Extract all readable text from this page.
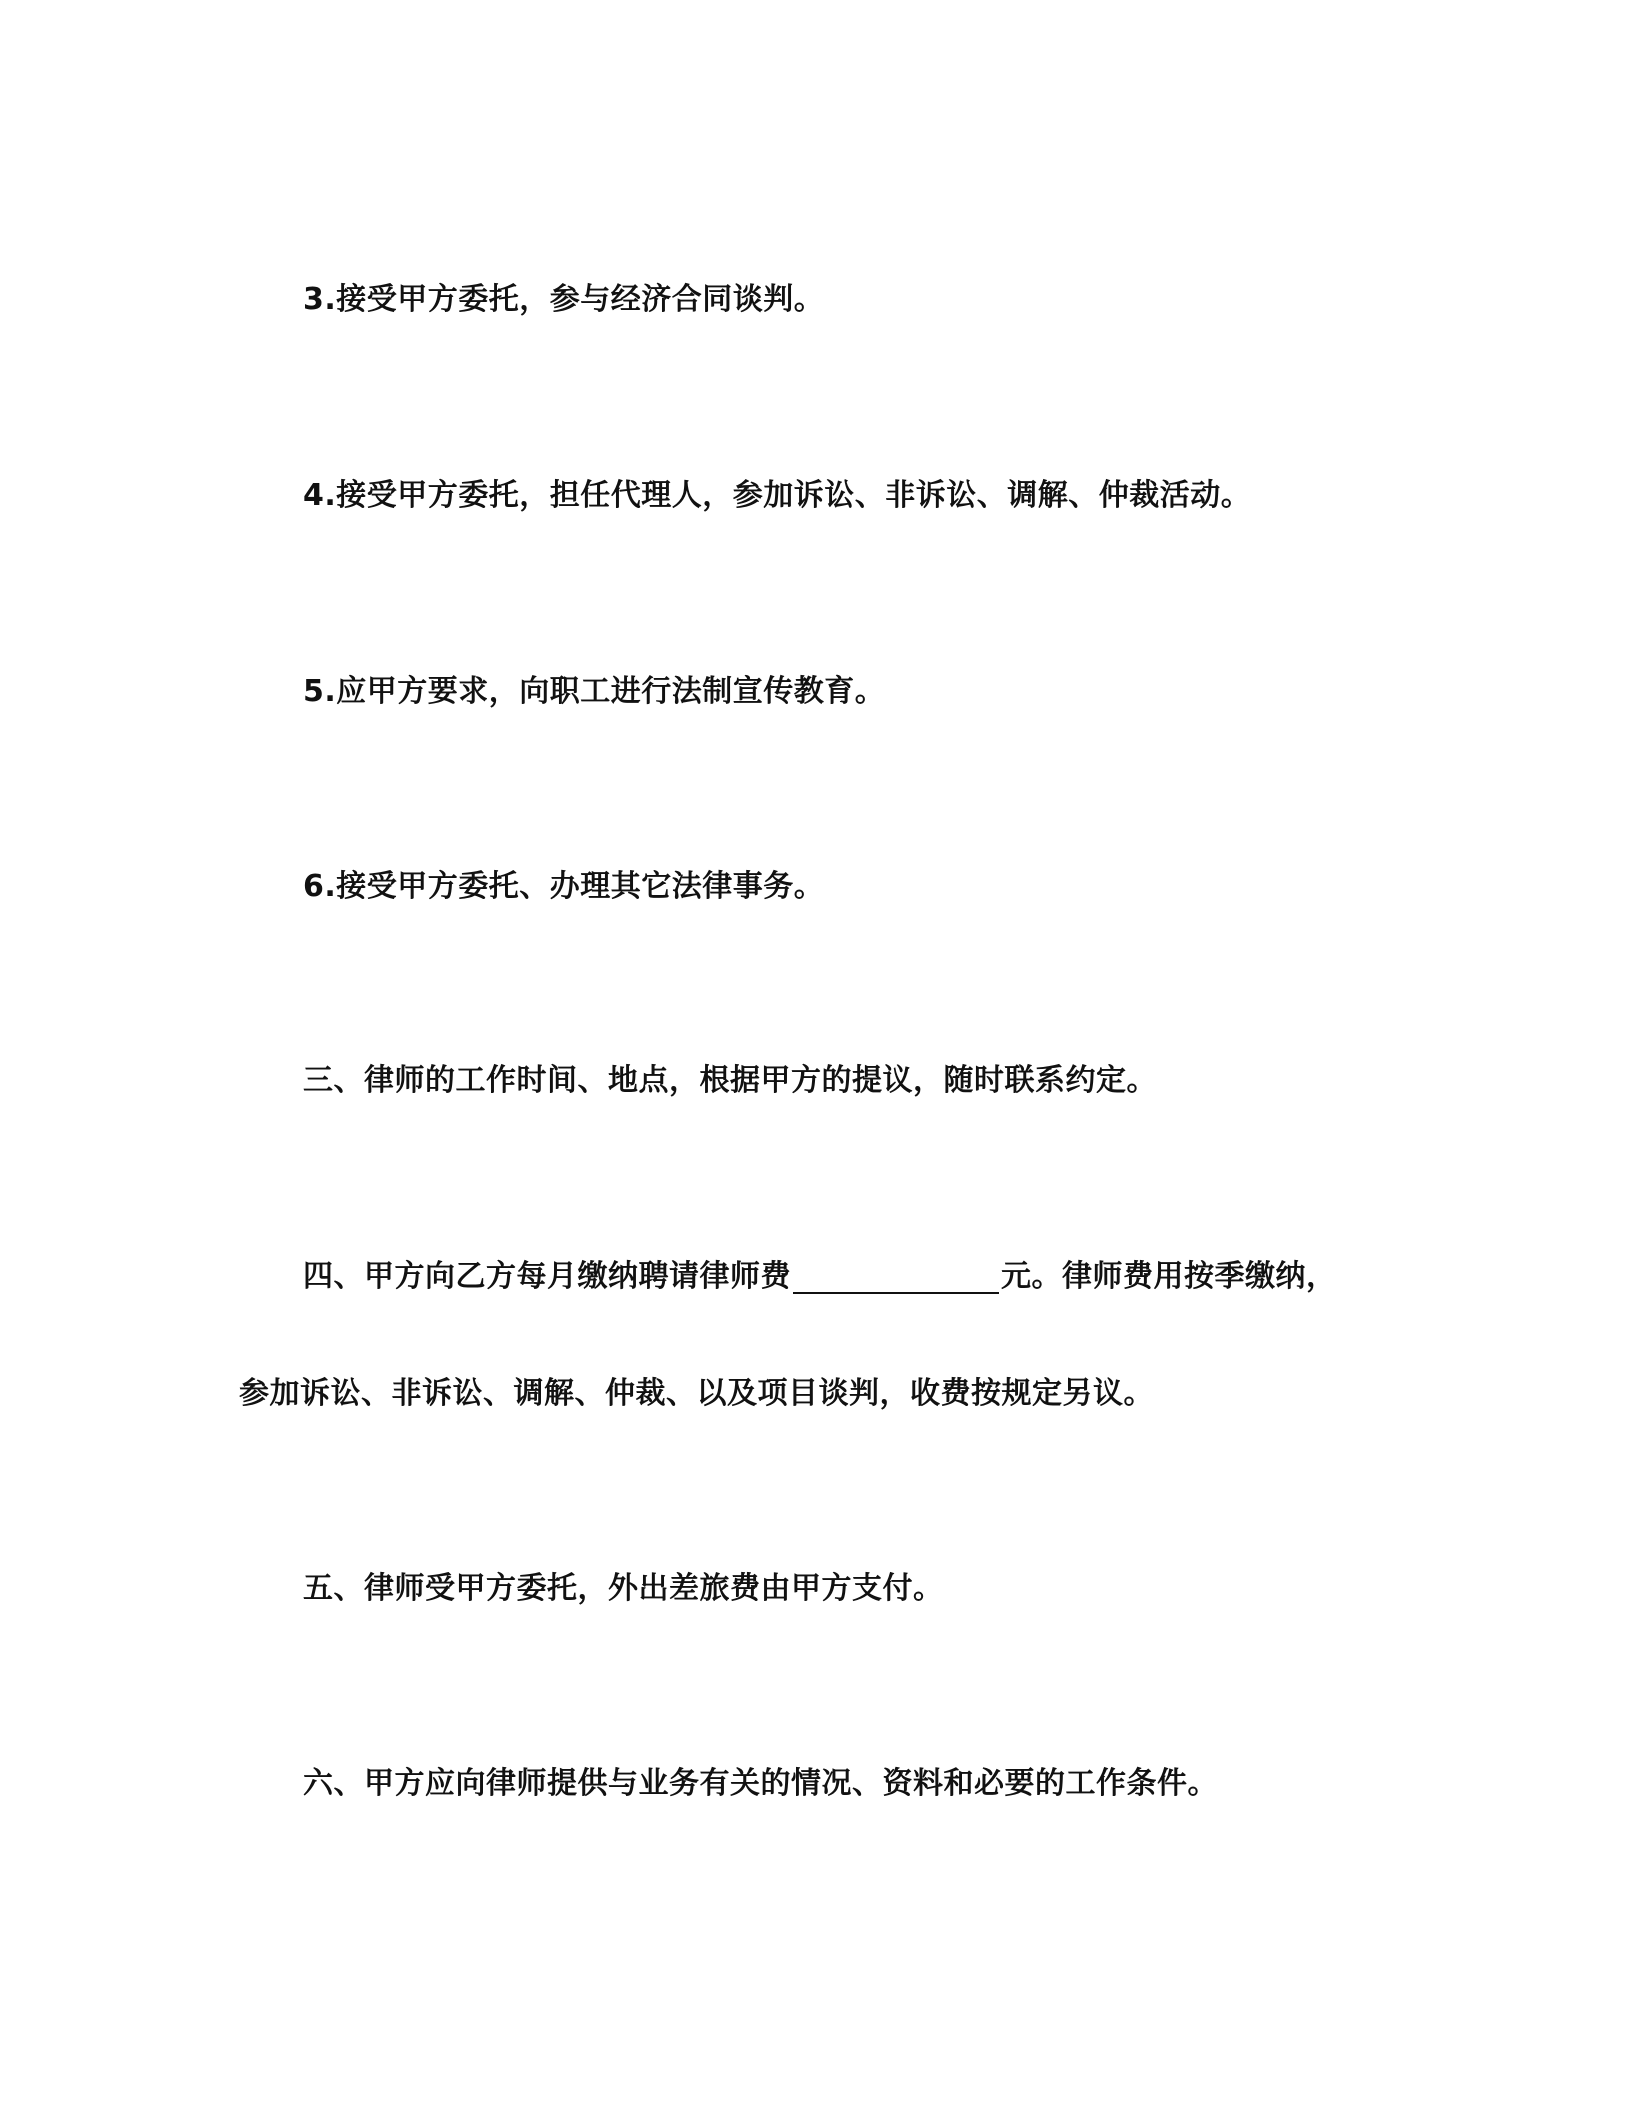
3.接受甲方委托，参与经济合同谈判。
4.接受甲方委托，担任代理人，参加诉讼、非诉讼、调解、仲裁活动。
5.应甲方要求，向职工进行法制宣传教育。
6.接受甲方委托、办理其它法律事务。
三、律师的工作时间、地点，根据甲方的提议，随时联系约定。
四、甲方向乙方每月缴纳聘请律师费	元。律师费用按季缴纳，
参加诉讼、非诉讼、调解、仲裁、以及项目谈判，收费按规定另议。
五、律师受甲方委托，外出差旅费由甲方支付。
六、甲方应向律师提供与业务有关的情况、资料和必要的工作条件。
